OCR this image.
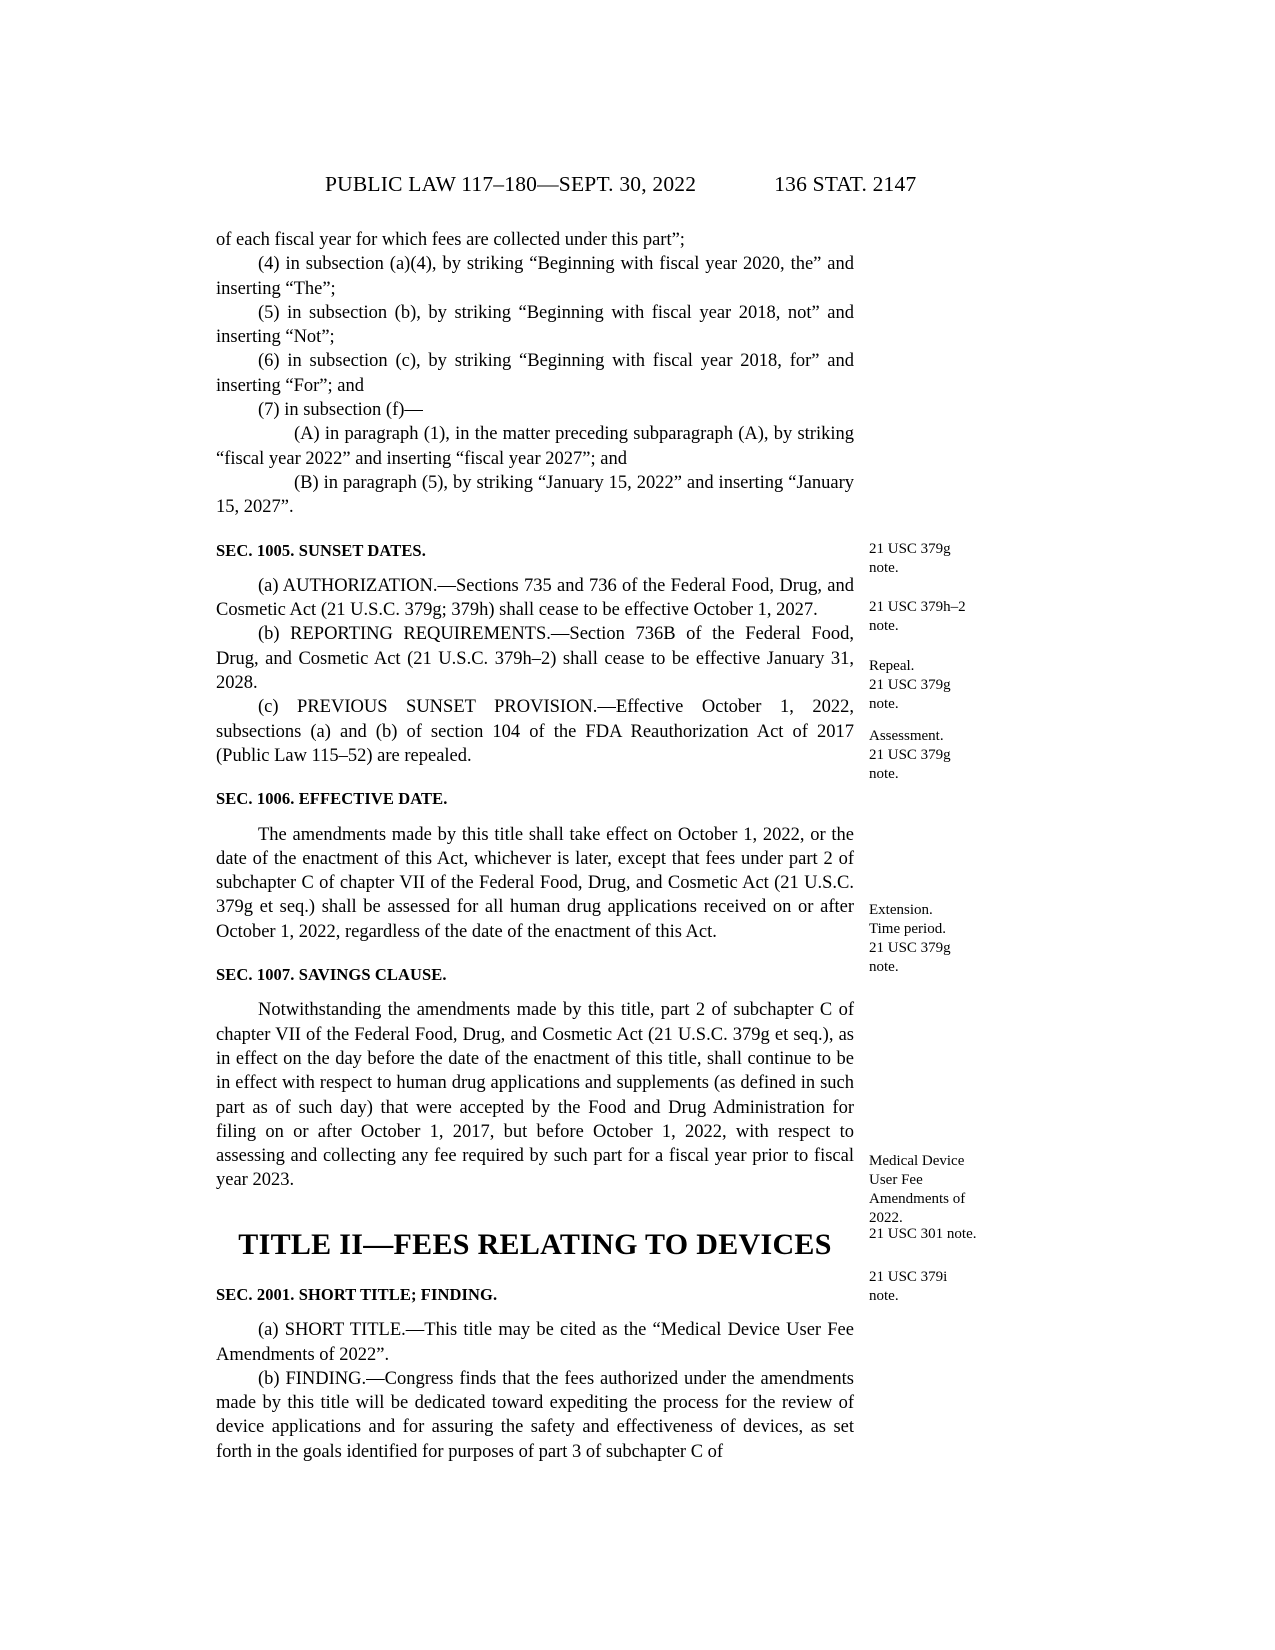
PUBLIC LAW 117–180—SEPT. 30, 2022	136 STAT. 2147

of each fiscal year for which fees are collected under this part”;

(4) in subsection (a)(4), by striking “Beginning with fiscal year 2020, the” and inserting “The”;

(5) in subsection (b), by striking “Beginning with fiscal year 2018, not” and inserting “Not”;

(6) in subsection (c), by striking “Beginning with fiscal year 2018, for” and inserting “For”; and

(7) in subsection (f)—

(A) in paragraph (1), in the matter preceding subparagraph (A), by striking “fiscal year 2022” and inserting “fiscal year 2027”; and

(B) in paragraph (5), by striking “January 15, 2022” and inserting “January 15, 2027”.

SEC. 1005. SUNSET DATES.

(a) AUTHORIZATION.—Sections 735 and 736 of the Federal Food, Drug, and Cosmetic Act (21 U.S.C. 379g; 379h) shall cease to be effective October 1, 2027.

(b) REPORTING REQUIREMENTS.—Section 736B of the Federal Food, Drug, and Cosmetic Act (21 U.S.C. 379h–2) shall cease to be effective January 31, 2028.

(c) PREVIOUS SUNSET PROVISION.—Effective October 1, 2022, subsections (a) and (b) of section 104 of the FDA Reauthorization Act of 2017 (Public Law 115–52) are repealed.

SEC. 1006. EFFECTIVE DATE.

The amendments made by this title shall take effect on October 1, 2022, or the date of the enactment of this Act, whichever is later, except that fees under part 2 of subchapter C of chapter VII of the Federal Food, Drug, and Cosmetic Act (21 U.S.C. 379g et seq.) shall be assessed for all human drug applications received on or after October 1, 2022, regardless of the date of the enactment of this Act.

SEC. 1007. SAVINGS CLAUSE.

Notwithstanding the amendments made by this title, part 2 of subchapter C of chapter VII of the Federal Food, Drug, and Cosmetic Act (21 U.S.C. 379g et seq.), as in effect on the day before the date of the enactment of this title, shall continue to be in effect with respect to human drug applications and supplements (as defined in such part as of such day) that were accepted by the Food and Drug Administration for filing on or after October 1, 2017, but before October 1, 2022, with respect to assessing and collecting any fee required by such part for a fiscal year prior to fiscal year 2023.

TITLE II—FEES RELATING TO DEVICES

SEC. 2001. SHORT TITLE; FINDING.

(a) SHORT TITLE.—This title may be cited as the “Medical Device User Fee Amendments of 2022”.

(b) FINDING.—Congress finds that the fees authorized under the amendments made by this title will be dedicated toward expediting the process for the review of device applications and for assuring the safety and effectiveness of devices, as set forth in the goals identified for purposes of part 3 of subchapter C of

21 USC 379g
note.
21 USC 379h–2
note.
Repeal.
21 USC 379g
note.
Assessment.
21 USC 379g
note.
Extension.
Time period.
21 USC 379g
note.
Medical Device
User Fee
Amendments of
2022.
21 USC 301 note.
21 USC 379i
note.
